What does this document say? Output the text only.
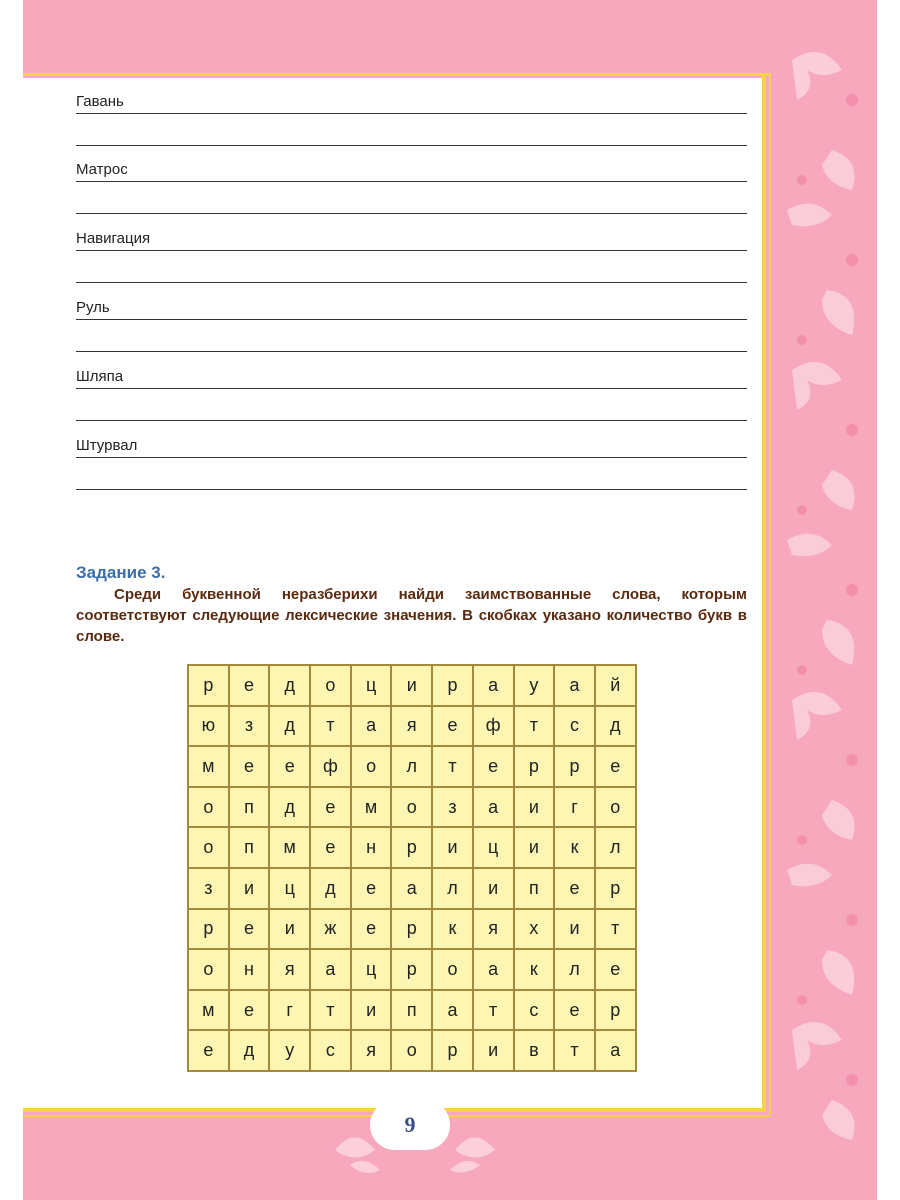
Гавань
Матрос
Навигация
Руль
Шляпа
Штурвал
Задание 3.
Среди буквенной неразберихи найди заимствованные слова, которым соответствуют следующие лексические значения. В скобках указано количество букв в слове.
р	е	д	о	ц	и	р	а	у	а	й
ю	з	д	т	а	я	е	ф	т	с	д
м	е	е	ф	о	л	т	е	р	р	е
о	п	д	е	м	о	з	а	и	г	о
о	п	м	е	н	р	и	ц	и	к	л
з	и	ц	д	е	а	л	и	п	е	р
р	е	и	ж	е	р	к	я	х	и	т
о	н	я	а	ц	р	о	а	к	л	е
м	е	г	т	и	п	а	т	с	е	р
е	д	у	с	я	о	р	и	в	т	а
9
